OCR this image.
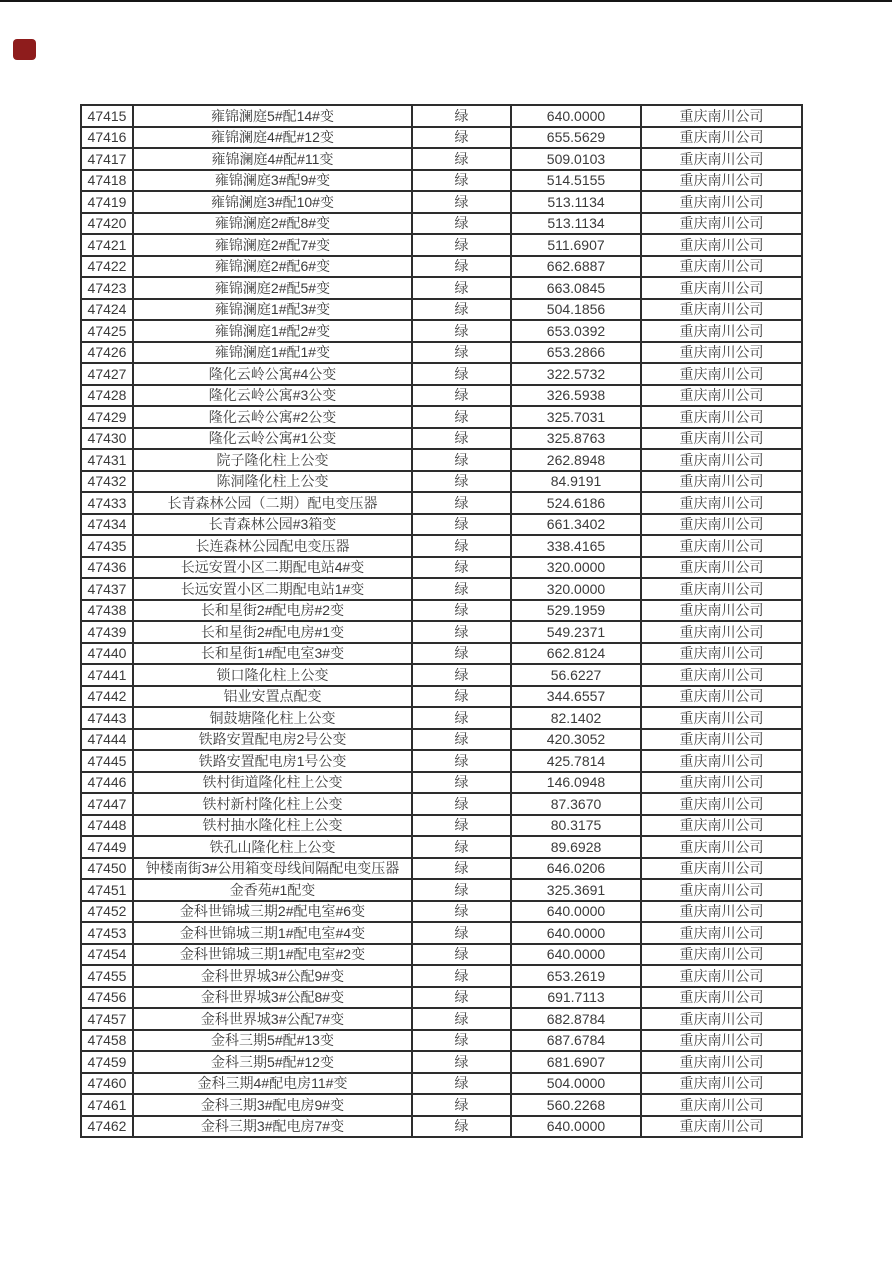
47415	雍锦澜庭5#配14#变	绿	640.0000	重庆南川公司
47416	雍锦澜庭4#配#12变	绿	655.5629	重庆南川公司
47417	雍锦澜庭4#配#11变	绿	509.0103	重庆南川公司
47418	雍锦澜庭3#配9#变	绿	514.5155	重庆南川公司
47419	雍锦澜庭3#配10#变	绿	513.1134	重庆南川公司
47420	雍锦澜庭2#配8#变	绿	513.1134	重庆南川公司
47421	雍锦澜庭2#配7#变	绿	511.6907	重庆南川公司
47422	雍锦澜庭2#配6#变	绿	662.6887	重庆南川公司
47423	雍锦澜庭2#配5#变	绿	663.0845	重庆南川公司
47424	雍锦澜庭1#配3#变	绿	504.1856	重庆南川公司
47425	雍锦澜庭1#配2#变	绿	653.0392	重庆南川公司
47426	雍锦澜庭1#配1#变	绿	653.2866	重庆南川公司
47427	隆化云岭公寓#4公变	绿	322.5732	重庆南川公司
47428	隆化云岭公寓#3公变	绿	326.5938	重庆南川公司
47429	隆化云岭公寓#2公变	绿	325.7031	重庆南川公司
47430	隆化云岭公寓#1公变	绿	325.8763	重庆南川公司
47431	院子隆化柱上公变	绿	262.8948	重庆南川公司
47432	陈洞隆化柱上公变	绿	84.9191	重庆南川公司
47433	长青森林公园（二期）配电变压器	绿	524.6186	重庆南川公司
47434	长青森林公园#3箱变	绿	661.3402	重庆南川公司
47435	长连森林公园配电变压器	绿	338.4165	重庆南川公司
47436	长远安置小区二期配电站4#变	绿	320.0000	重庆南川公司
47437	长远安置小区二期配电站1#变	绿	320.0000	重庆南川公司
47438	长和星街2#配电房#2变	绿	529.1959	重庆南川公司
47439	长和星街2#配电房#1变	绿	549.2371	重庆南川公司
47440	长和星街1#配电室3#变	绿	662.8124	重庆南川公司
47441	锁口隆化柱上公变	绿	56.6227	重庆南川公司
47442	铝业安置点配变	绿	344.6557	重庆南川公司
47443	铜鼓塘隆化柱上公变	绿	82.1402	重庆南川公司
47444	铁路安置配电房2号公变	绿	420.3052	重庆南川公司
47445	铁路安置配电房1号公变	绿	425.7814	重庆南川公司
47446	铁村街道隆化柱上公变	绿	146.0948	重庆南川公司
47447	铁村新村隆化柱上公变	绿	87.3670	重庆南川公司
47448	铁村抽水隆化柱上公变	绿	80.3175	重庆南川公司
47449	铁孔山隆化柱上公变	绿	89.6928	重庆南川公司
47450	钟楼南街3#公用箱变母线间隔配电变压器	绿	646.0206	重庆南川公司
47451	金香苑#1配变	绿	325.3691	重庆南川公司
47452	金科世锦城三期2#配电室#6变	绿	640.0000	重庆南川公司
47453	金科世锦城三期1#配电室#4变	绿	640.0000	重庆南川公司
47454	金科世锦城三期1#配电室#2变	绿	640.0000	重庆南川公司
47455	金科世界城3#公配9#变	绿	653.2619	重庆南川公司
47456	金科世界城3#公配8#变	绿	691.7113	重庆南川公司
47457	金科世界城3#公配7#变	绿	682.8784	重庆南川公司
47458	金科三期5#配#13变	绿	687.6784	重庆南川公司
47459	金科三期5#配#12变	绿	681.6907	重庆南川公司
47460	金科三期4#配电房11#变	绿	504.0000	重庆南川公司
47461	金科三期3#配电房9#变	绿	560.2268	重庆南川公司
47462	金科三期3#配电房7#变	绿	640.0000	重庆南川公司
